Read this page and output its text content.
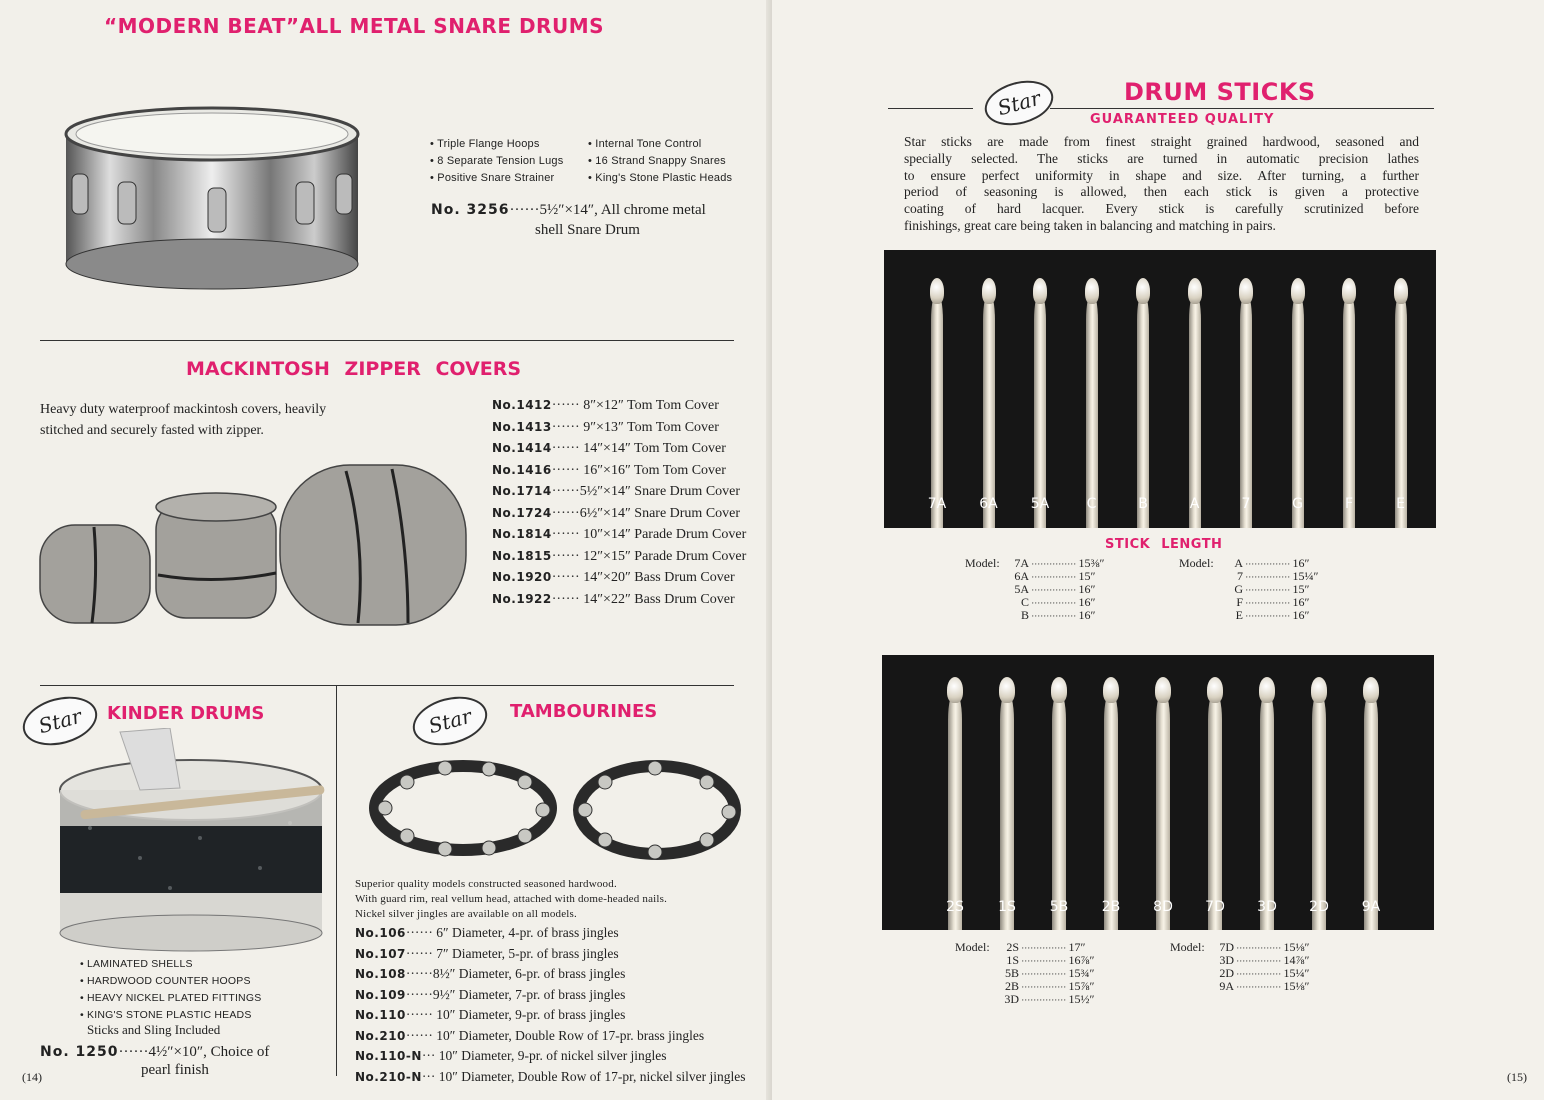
“MODERN BEAT”ALL METAL SNARE DRUMS
• Triple Flange Hoops
• 8 Separate Tension Lugs
• Positive Snare Strainer
• Internal Tone Control
• 16 Strand Snappy Snares
• King's Stone Plastic Heads
No. 3256······5½″×14″, All chrome metal
shell Snare Drum
MACKINTOSH ZIPPER COVERS
Heavy duty waterproof mackintosh covers, heavily
stitched and securely fasted with zipper.
No.1412······ 8″×12″ Tom Tom Cover
No.1413······ 9″×13″ Tom Tom Cover
No.1414······ 14″×14″ Tom Tom Cover
No.1416······ 16″×16″ Tom Tom Cover
No.1714······5½″×14″ Snare Drum Cover
No.1724······6½″×14″ Snare Drum Cover
No.1814······ 10″×14″ Parade Drum Cover
No.1815······ 12″×15″ Parade Drum Cover
No.1920······ 14″×20″ Bass Drum Cover
No.1922······ 14″×22″ Bass Drum Cover
Star	KINDER DRUMS
• LAMINATED SHELLS
• HARDWOOD COUNTER HOOPS
• HEAVY NICKEL PLATED FITTINGS
• KING'S STONE PLASTIC HEADS
Sticks and Sling Included
No. 1250······4½″×10″, Choice of
pearl finish
Star	TAMBOURINES
Superior quality models constructed seasoned hardwood.
With guard rim, real vellum head, attached with dome-headed nails.
Nickel silver jingles are available on all models.
No.106······ 6″ Diameter, 4-pr. of brass jingles
No.107······ 7″ Diameter, 5-pr. of brass jingles
No.108······8½″ Diameter, 6-pr. of brass jingles
No.109······9½″ Diameter, 7-pr. of brass jingles
No.110······ 10″ Diameter, 9-pr. of brass jingles
No.210······ 10″ Diameter, Double Row of 17-pr. brass jingles
No.110-N··· 10″ Diameter, 9-pr. of nickel silver jingles
No.210-N··· 10″ Diameter, Double Row of 17-pr, nickel silver jingles
(14)
Star	DRUM STICKS
GUARANTEED QUALITY
Star sticks are made from finest straight grained hardwood, seasoned and
specially selected. The sticks are turned in automatic precision lathes
to ensure perfect uniformity in shape and size. After turning, a further
period of seasoning is allowed, then each stick is given a protective
coating of hard lacquer. Every stick is carefully scrutinized before
finishings, great care being taken in balancing and matching in pairs.
7A	6A	5A	C	B	A	7	G	F	E
STICK LENGTH
Model:	7A ··············· 15⅜″
6A ··············· 15″
5A ··············· 16″
C ··············· 16″
B ··············· 16″
Model:	A ··············· 16″
7 ··············· 15¼″
G ··············· 15″
F ··············· 16″
E ··············· 16″
2S	1S	5B	2B	8D	7D	3D	2D	9A
Model:	2S ··············· 17″
1S ··············· 16⅞″
5B ··············· 15¾″
2B ··············· 15⅞″
3D ··············· 15½″
Model:	7D ··············· 15⅛″
3D ··············· 14⅞″
2D ··············· 15¼″
9A ··············· 15⅛″
(15)
